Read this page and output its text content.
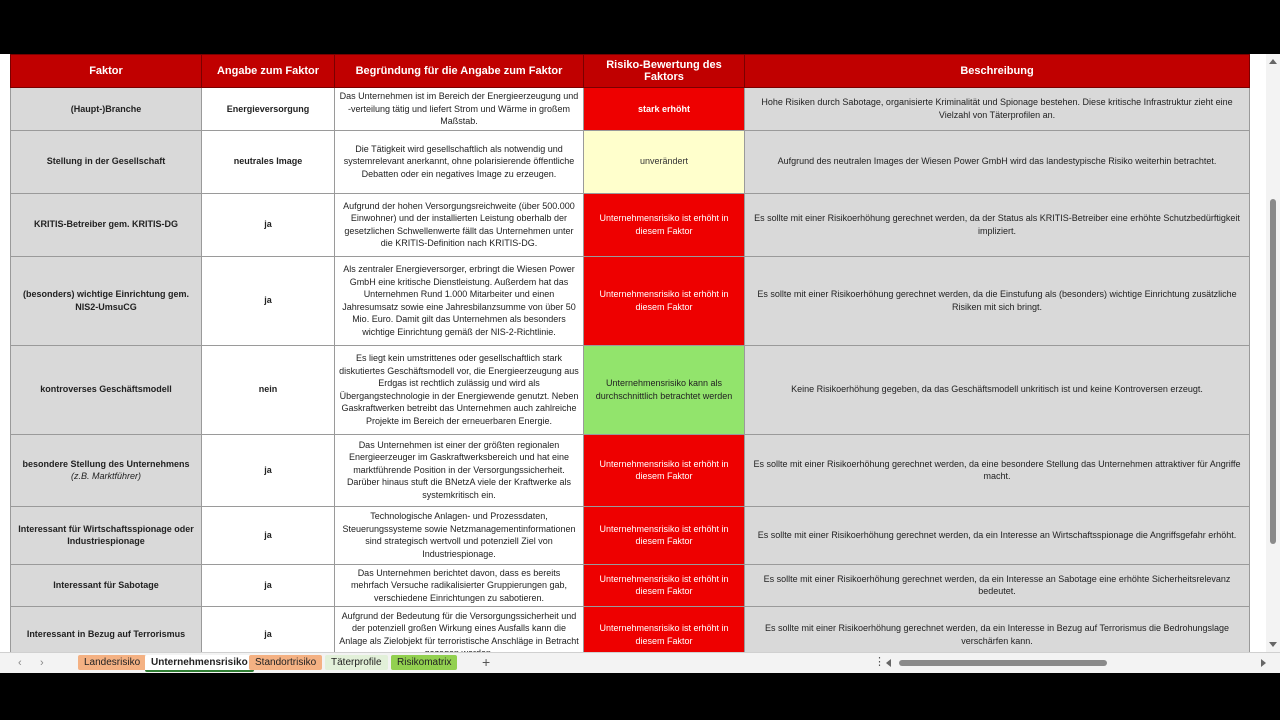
Faktor	Angabe zum Faktor	Begründung für die Angabe zum Faktor	Risiko-Bewertung des Faktors	Beschreibung
(Haupt-)Branche	Energieversorgung	Das Unternehmen ist im Bereich der Energieerzeugung und -verteilung tätig und liefert Strom und Wärme in großem Maßstab.	stark erhöht	Hohe Risiken durch Sabotage, organisierte Kriminalität und Spionage bestehen. Diese kritische Infrastruktur zieht eine Vielzahl von Täterprofilen an.
Stellung in der Gesellschaft	neutrales Image	Die Tätigkeit wird gesellschaftlich als notwendig und systemrelevant anerkannt, ohne polarisierende öffentliche Debatten oder ein negatives Image zu erzeugen.	unverändert	Aufgrund des neutralen Images der Wiesen Power GmbH wird das landestypische Risiko weiterhin betrachtet.
KRITIS-Betreiber gem. KRITIS-DG	ja	Aufgrund der hohen Versorgungsreichweite (über 500.000 Einwohner) und der installierten Leistung oberhalb der gesetzlichen Schwellenwerte fällt das Unternehmen unter die KRITIS-Definition nach KRITIS-DG.	Unternehmensrisiko ist erhöht in diesem Faktor	Es sollte mit einer Risikoerhöhung gerechnet werden, da der Status als KRITIS-Betreiber eine erhöhte Schutzbedürftigkeit impliziert.
(besonders) wichtige Einrichtung gem. NIS2-UmsuCG	ja	Als zentraler Energieversorger, erbringt die Wiesen Power GmbH eine kritische Dienstleistung. Außerdem hat das Unternehmen Rund 1.000 Mitarbeiter und einen Jahresumsatz sowie eine Jahresbilanzsumme von über 50 Mio. Euro. Damit gilt das Unternehmen als besonders wichtige Einrichtung gemäß der NIS-2-Richtlinie.	Unternehmensrisiko ist erhöht in diesem Faktor	Es sollte mit einer Risikoerhöhung gerechnet werden, da die Einstufung als (besonders) wichtige Einrichtung zusätzliche Risiken mit sich bringt.
kontroverses Geschäftsmodell	nein	Es liegt kein umstrittenes oder gesellschaftlich stark diskutiertes Geschäftsmodell vor, die Energieerzeugung aus Erdgas ist rechtlich zulässig und wird als Übergangstechnologie in der Energiewende genutzt. Neben Gaskraftwerken betreibt das Unternehmen auch zahlreiche Projekte im Bereich der erneuerbaren Energie.	Unternehmensrisiko kann als durchschnittlich betrachtet werden	Keine Risikoerhöhung gegeben, da das Geschäftsmodell unkritisch ist und keine Kontroversen erzeugt.
besondere Stellung des Unternehmens (z.B. Marktführer)	ja	Das Unternehmen ist einer der größten regionalen Energieerzeuger im Gaskraftwerksbereich und hat eine marktführende Position in der Versorgungssicherheit. Darüber hinaus stuft die BNetzA viele der Kraftwerke als systemkritisch ein.	Unternehmensrisiko ist erhöht in diesem Faktor	Es sollte mit einer Risikoerhöhung gerechnet werden, da eine besondere Stellung das Unternehmen attraktiver für Angriffe macht.
Interessant für Wirtschaftsspionage oder Industriespionage	ja	Technologische Anlagen- und Prozessdaten, Steuerungssysteme sowie Netzmanagementinformationen sind strategisch wertvoll und potenziell Ziel von Industriespionage.	Unternehmensrisiko ist erhöht in diesem Faktor	Es sollte mit einer Risikoerhöhung gerechnet werden, da ein Interesse an Wirtschaftsspionage die Angriffsgefahr erhöht.
Interessant für Sabotage	ja	Das Unternehmen berichtet davon, dass es bereits mehrfach Versuche radikalisierter Gruppierungen gab, verschiedene Einrichtungen zu sabotieren.	Unternehmensrisiko ist erhöht in diesem Faktor	Es sollte mit einer Risikoerhöhung gerechnet werden, da ein Interesse an Sabotage eine erhöhte Sicherheitsrelevanz bedeutet.
Interessant in Bezug auf Terrorismus	ja	Aufgrund der Bedeutung für die Versorgungssicherheit und der potenziell großen Wirkung eines Ausfalls kann die Anlage als Zielobjekt für terroristische Anschläge in Betracht	Unternehmensrisiko ist erhöht in diesem Faktor	Es sollte mit einer Risikoerhöhung gerechnet werden, da ein Interesse in Bezug auf Terrorismus die Bedrohungslage verschärfen kann.
‹ ›	Landesrisiko	Unternehmensrisiko Standortrisiko	Täterprofile	Risikomatrix	+	⋮
